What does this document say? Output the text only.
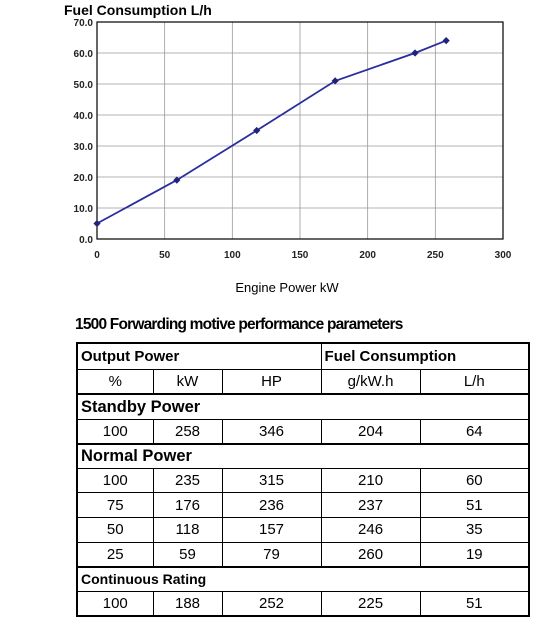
Fuel Consumption L/h
0.0
10.0
20.0
30.0
40.0
50.0
60.0
70.0
0	50	100	150	200	250	300
Engine Power kW
1500 Forwarding motive performance parameters
Output Power			Fuel Consumption	
%	kW	HP	g/kW.h	L/h
Standby Power				
100	258	346	204	64
Normal Power				
100	235	315	210	60
75	176	236	237	51
50	118	157	246	35
25	59	79	260	19
Continuous Rating				
100	188	252	225	51
